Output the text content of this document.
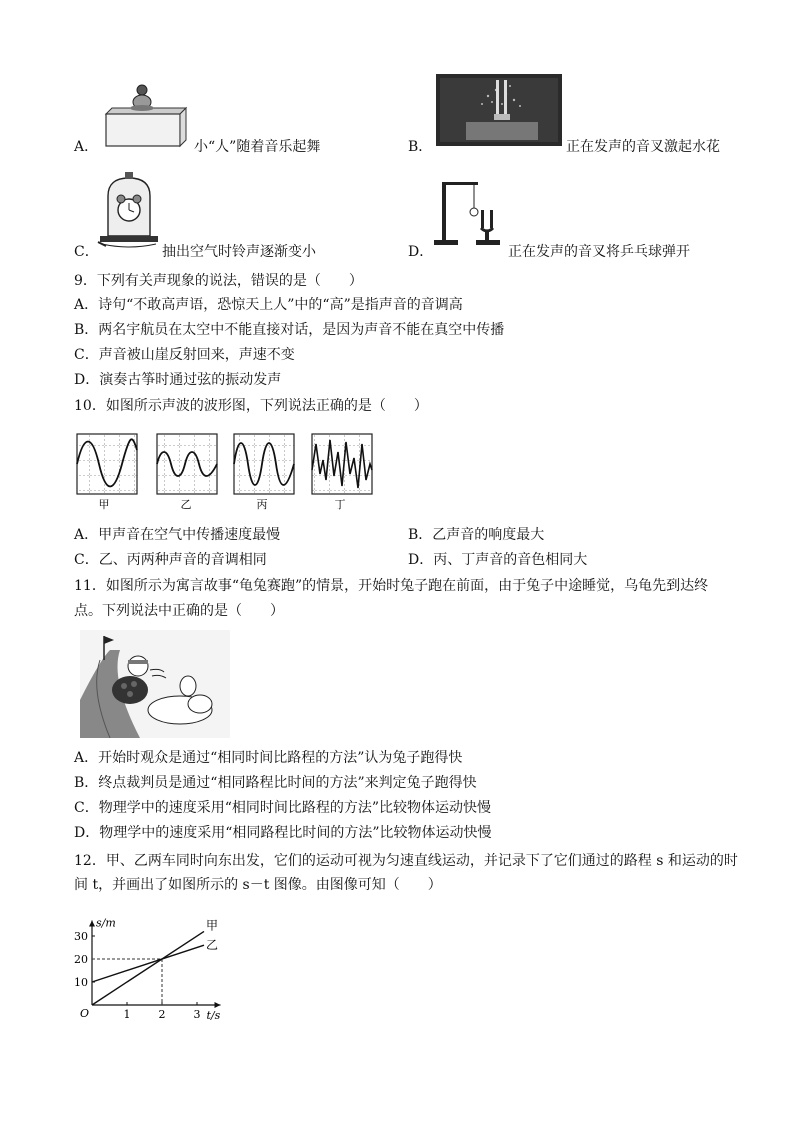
A．	小“人”随着音乐起舞	B．	正在发声的音叉激起水花
C．	抽出空气时铃声逐渐变小	D．	正在发声的音叉将乒乓球弹开
9．下列有关声现象的说法，错误的是（　　）
A．诗句“不敢高声语，恐惊天上人”中的“高”是指声音的音调高
B．两名宇航员在太空中不能直接对话，是因为声音不能在真空中传播
C．声音被山崖反射回来，声速不变
D．演奏古筝时通过弦的振动发声
10．如图所示声波的波形图，下列说法正确的是（　　）
甲	乙	丙	丁
A．甲声音在空气中传播速度最慢	B．乙声音的响度最大
C．乙、丙两种声音的音调相同	D．丙、丁声音的音色相同大
11．如图所示为寓言故事“龟兔赛跑”的情景，开始时兔子跑在前面，由于兔子中途睡觉，乌龟先到达终
点。下列说法中正确的是（　　）
A．开始时观众是通过“相同时间比路程的方法”认为兔子跑得快
B．终点裁判员是通过“相同路程比时间的方法”来判定兔子跑得快
C．物理学中的速度采用“相同时间比路程的方法”比较物体运动快慢
D．物理学中的速度采用“相同路程比时间的方法”比较物体运动快慢
12．甲、乙两车同时向东出发，它们的运动可视为匀速直线运动，并记录下了它们通过的路程 s 和运动的时
间 t，并画出了如图所示的 s－t 图像。由图像可知（　　）
s/m
t/s
O	1	2	3
10
20
30
甲
乙
